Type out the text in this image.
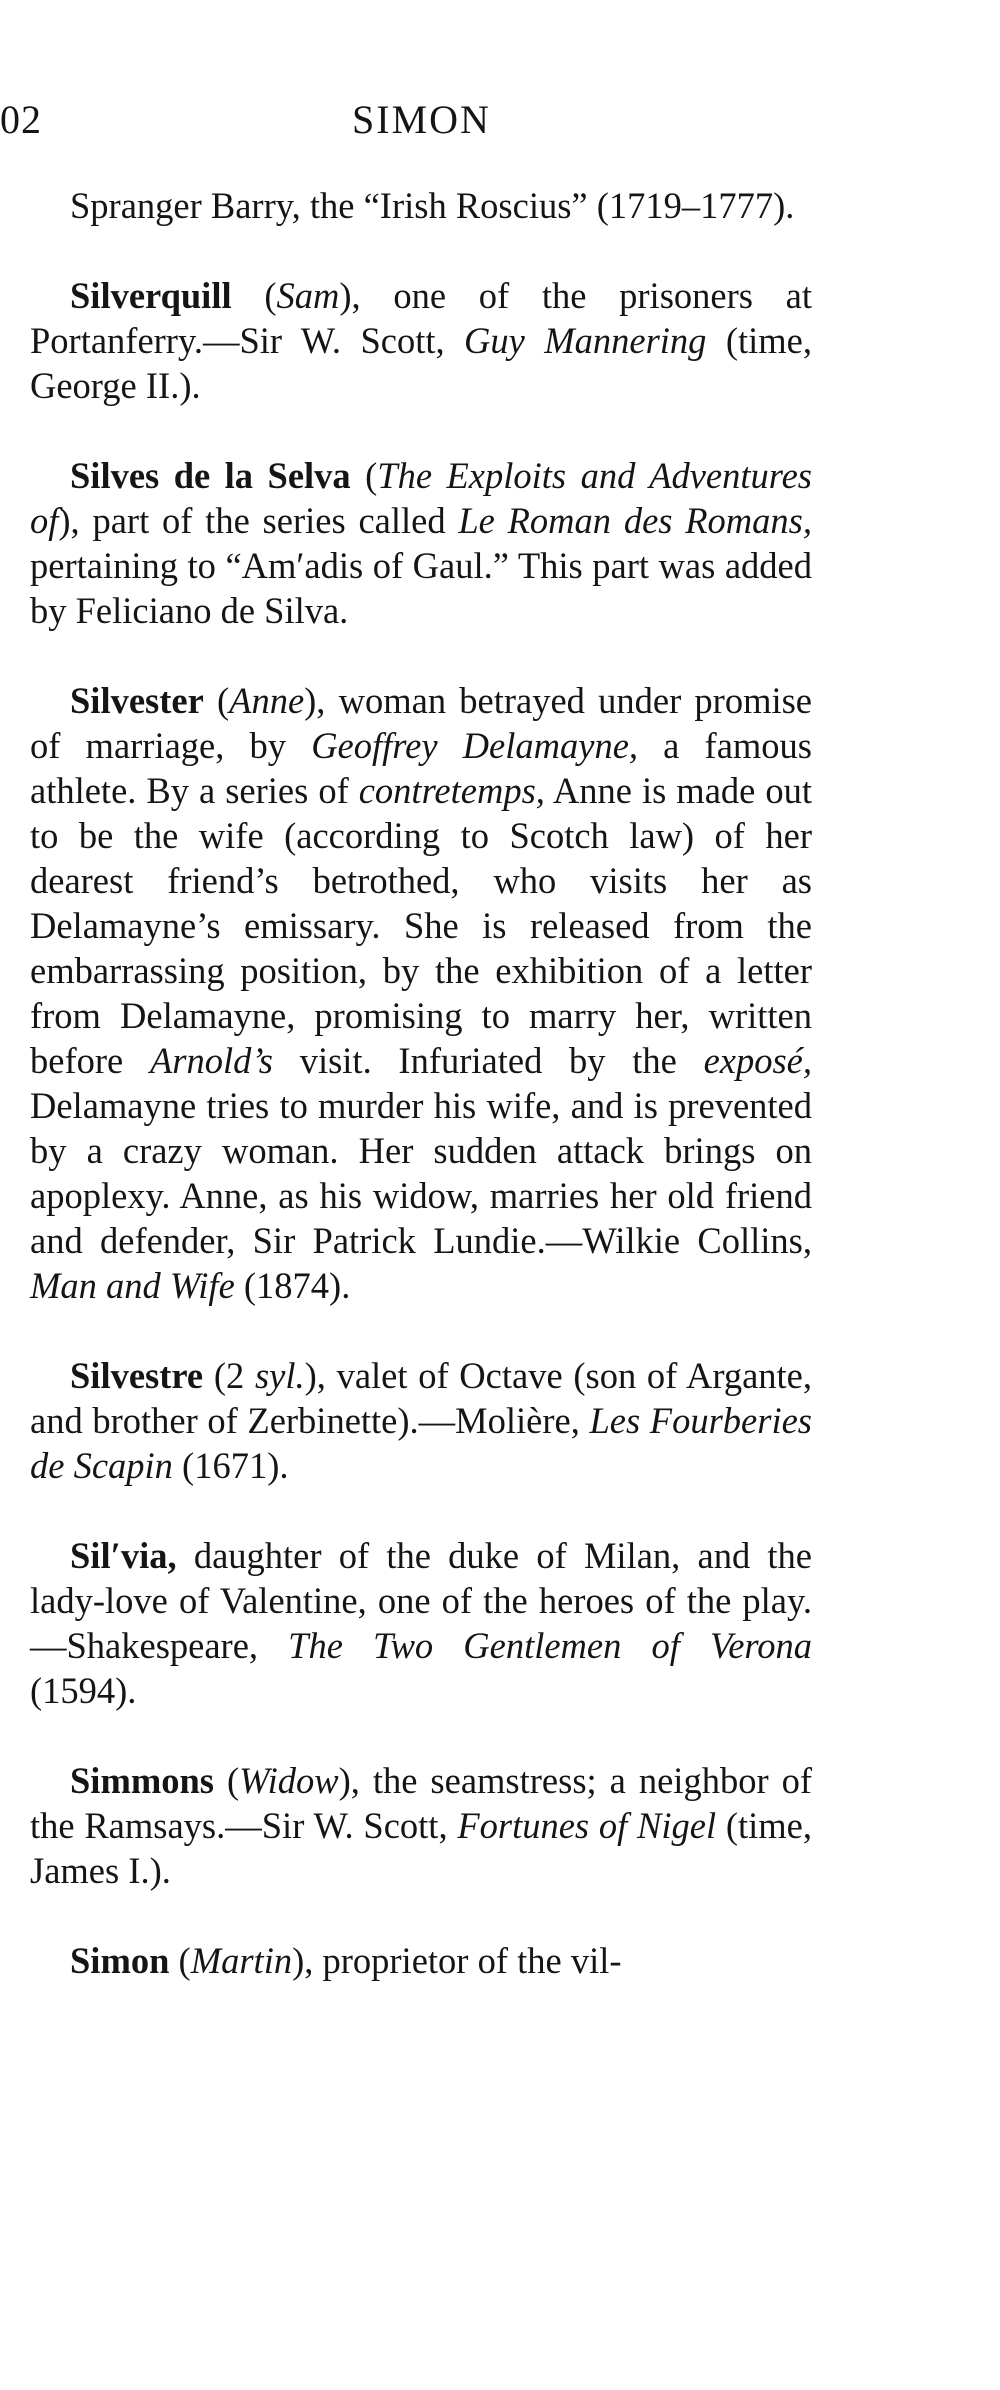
02	SIMON

Spranger Barry, the “Irish Roscius” (1719–1777).

Silverquill (Sam), one of the prisoners at Portanferry.—Sir W. Scott, Guy Mannering (time, George II.).

Silves de la Selva (The Exploits and Adventures of), part of the series called Le Roman des Romans, pertaining to “Am′adis of Gaul.” This part was added by Feliciano de Silva.

Silvester (Anne), woman betrayed under promise of marriage, by Geoffrey Delamayne, a famous athlete. By a series of contretemps, Anne is made out to be the wife (according to Scotch law) of her dearest friend’s betrothed, who visits her as Delamayne’s emissary. She is released from the embarrassing position, by the exhibition of a letter from Delamayne, promising to marry her, written before Arnold’s visit. Infuriated by the exposé, Delamayne tries to murder his wife, and is prevented by a crazy woman. Her sudden attack brings on apoplexy. Anne, as his widow, marries her old friend and defender, Sir Patrick Lundie.—Wilkie Collins, Man and Wife (1874).

Silvestre (2 syl.), valet of Octave (son of Argante, and brother of Zerbinette).—Molière, Les Fourberies de Scapin (1671).

Sil′via, daughter of the duke of Milan, and the lady-love of Valentine, one of the heroes of the play.—Shakespeare, The Two Gentlemen of Verona (1594).

Simmons (Widow), the seamstress; a neighbor of the Ramsays.—Sir W. Scott, Fortunes of Nigel (time, James I.).

Simon (Martin), proprietor of the vil-
